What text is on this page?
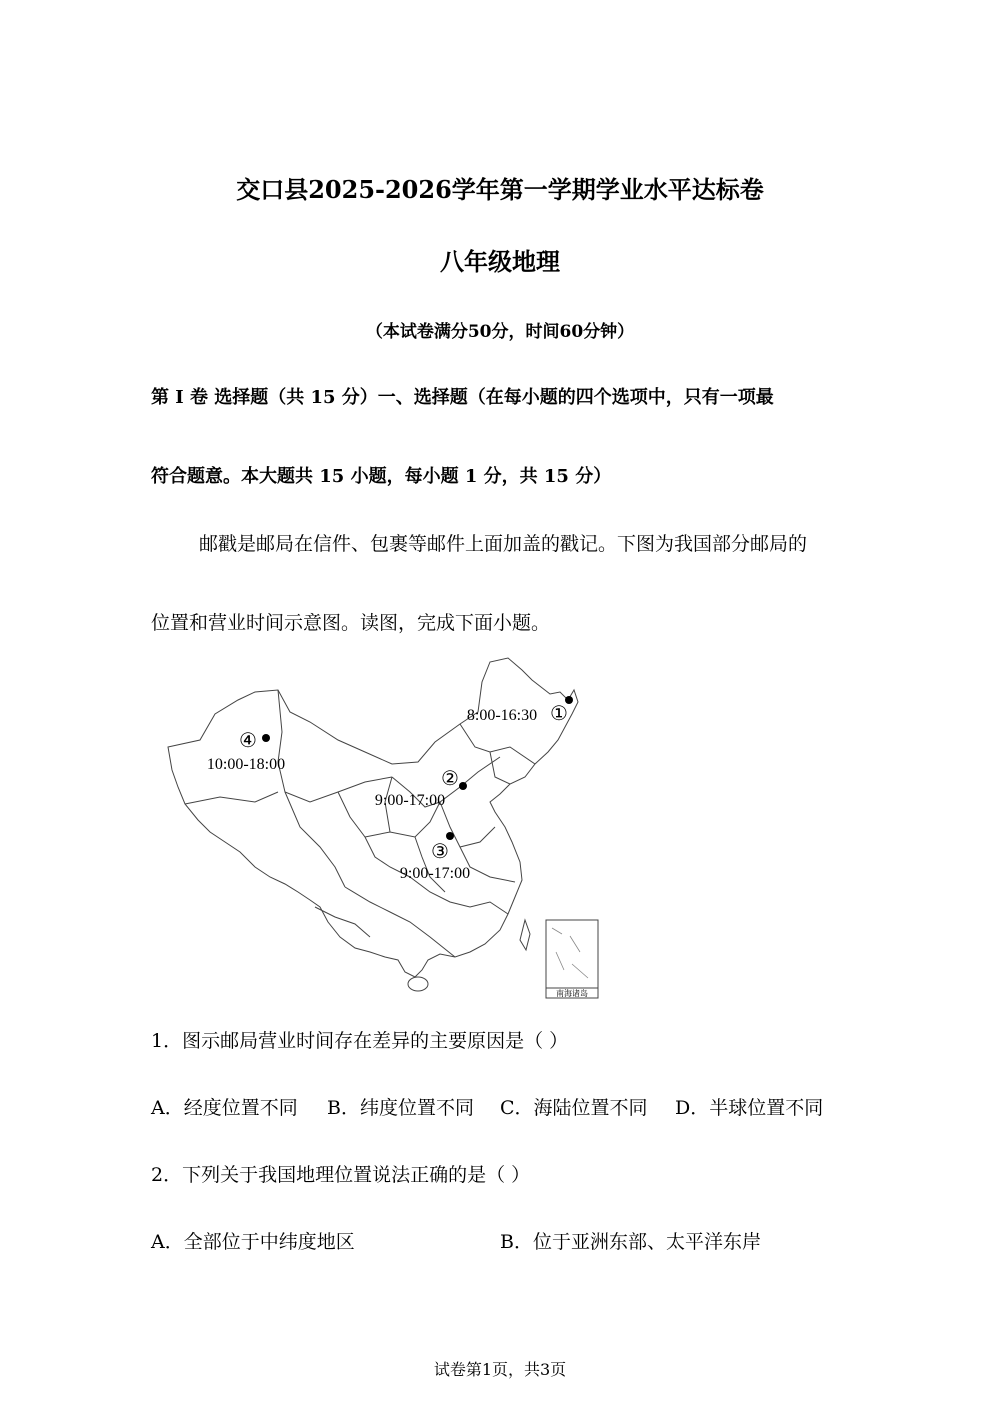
交口县2025-2026学年第一学期学业水平达标卷
八年级地理
（本试卷满分50分，时间60分钟）
第 Ⅰ 卷 选择题（共 15 分）一、选择题（在每小题的四个选项中，只有一项最
符合题意。本大题共 15 小题，每小题 1 分，共 15 分）
邮戳是邮局在信件、包裹等邮件上面加盖的戳记。下图为我国部分邮局的
位置和营业时间示意图。读图，完成下面小题。
南海诸岛
①
8:00-16:30
②
9:00-17:00
③
9:00-17:00
④
10:00-18:00
1．图示邮局营业时间存在差异的主要原因是（ ）
A．经度位置不同 B．纬度位置不同 C．海陆位置不同 D．半球位置不同
2．下列关于我国地理位置说法正确的是（ ）
A．全部位于中纬度地区	B．位于亚洲东部、太平洋东岸
试卷第1页，共3页
